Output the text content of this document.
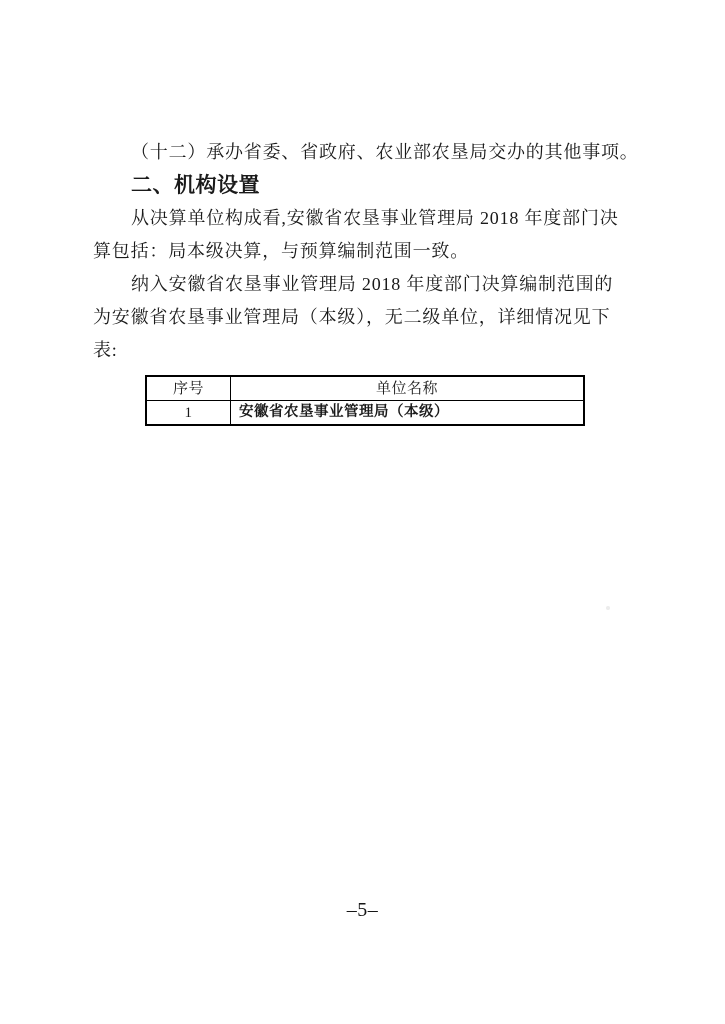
（十二）承办省委、省政府、农业部农垦局交办的其他事项。
二、机构设置
从决算单位构成看,安徽省农垦事业管理局 2018 年度部门决
算包括：局本级决算，与预算编制范围一致。
纳入安徽省农垦事业管理局 2018 年度部门决算编制范围的
为安徽省农垦事业管理局（本级），无二级单位，详细情况见下
表:
序号	单位名称
1	安徽省农垦事业管理局（本级）
–5–
